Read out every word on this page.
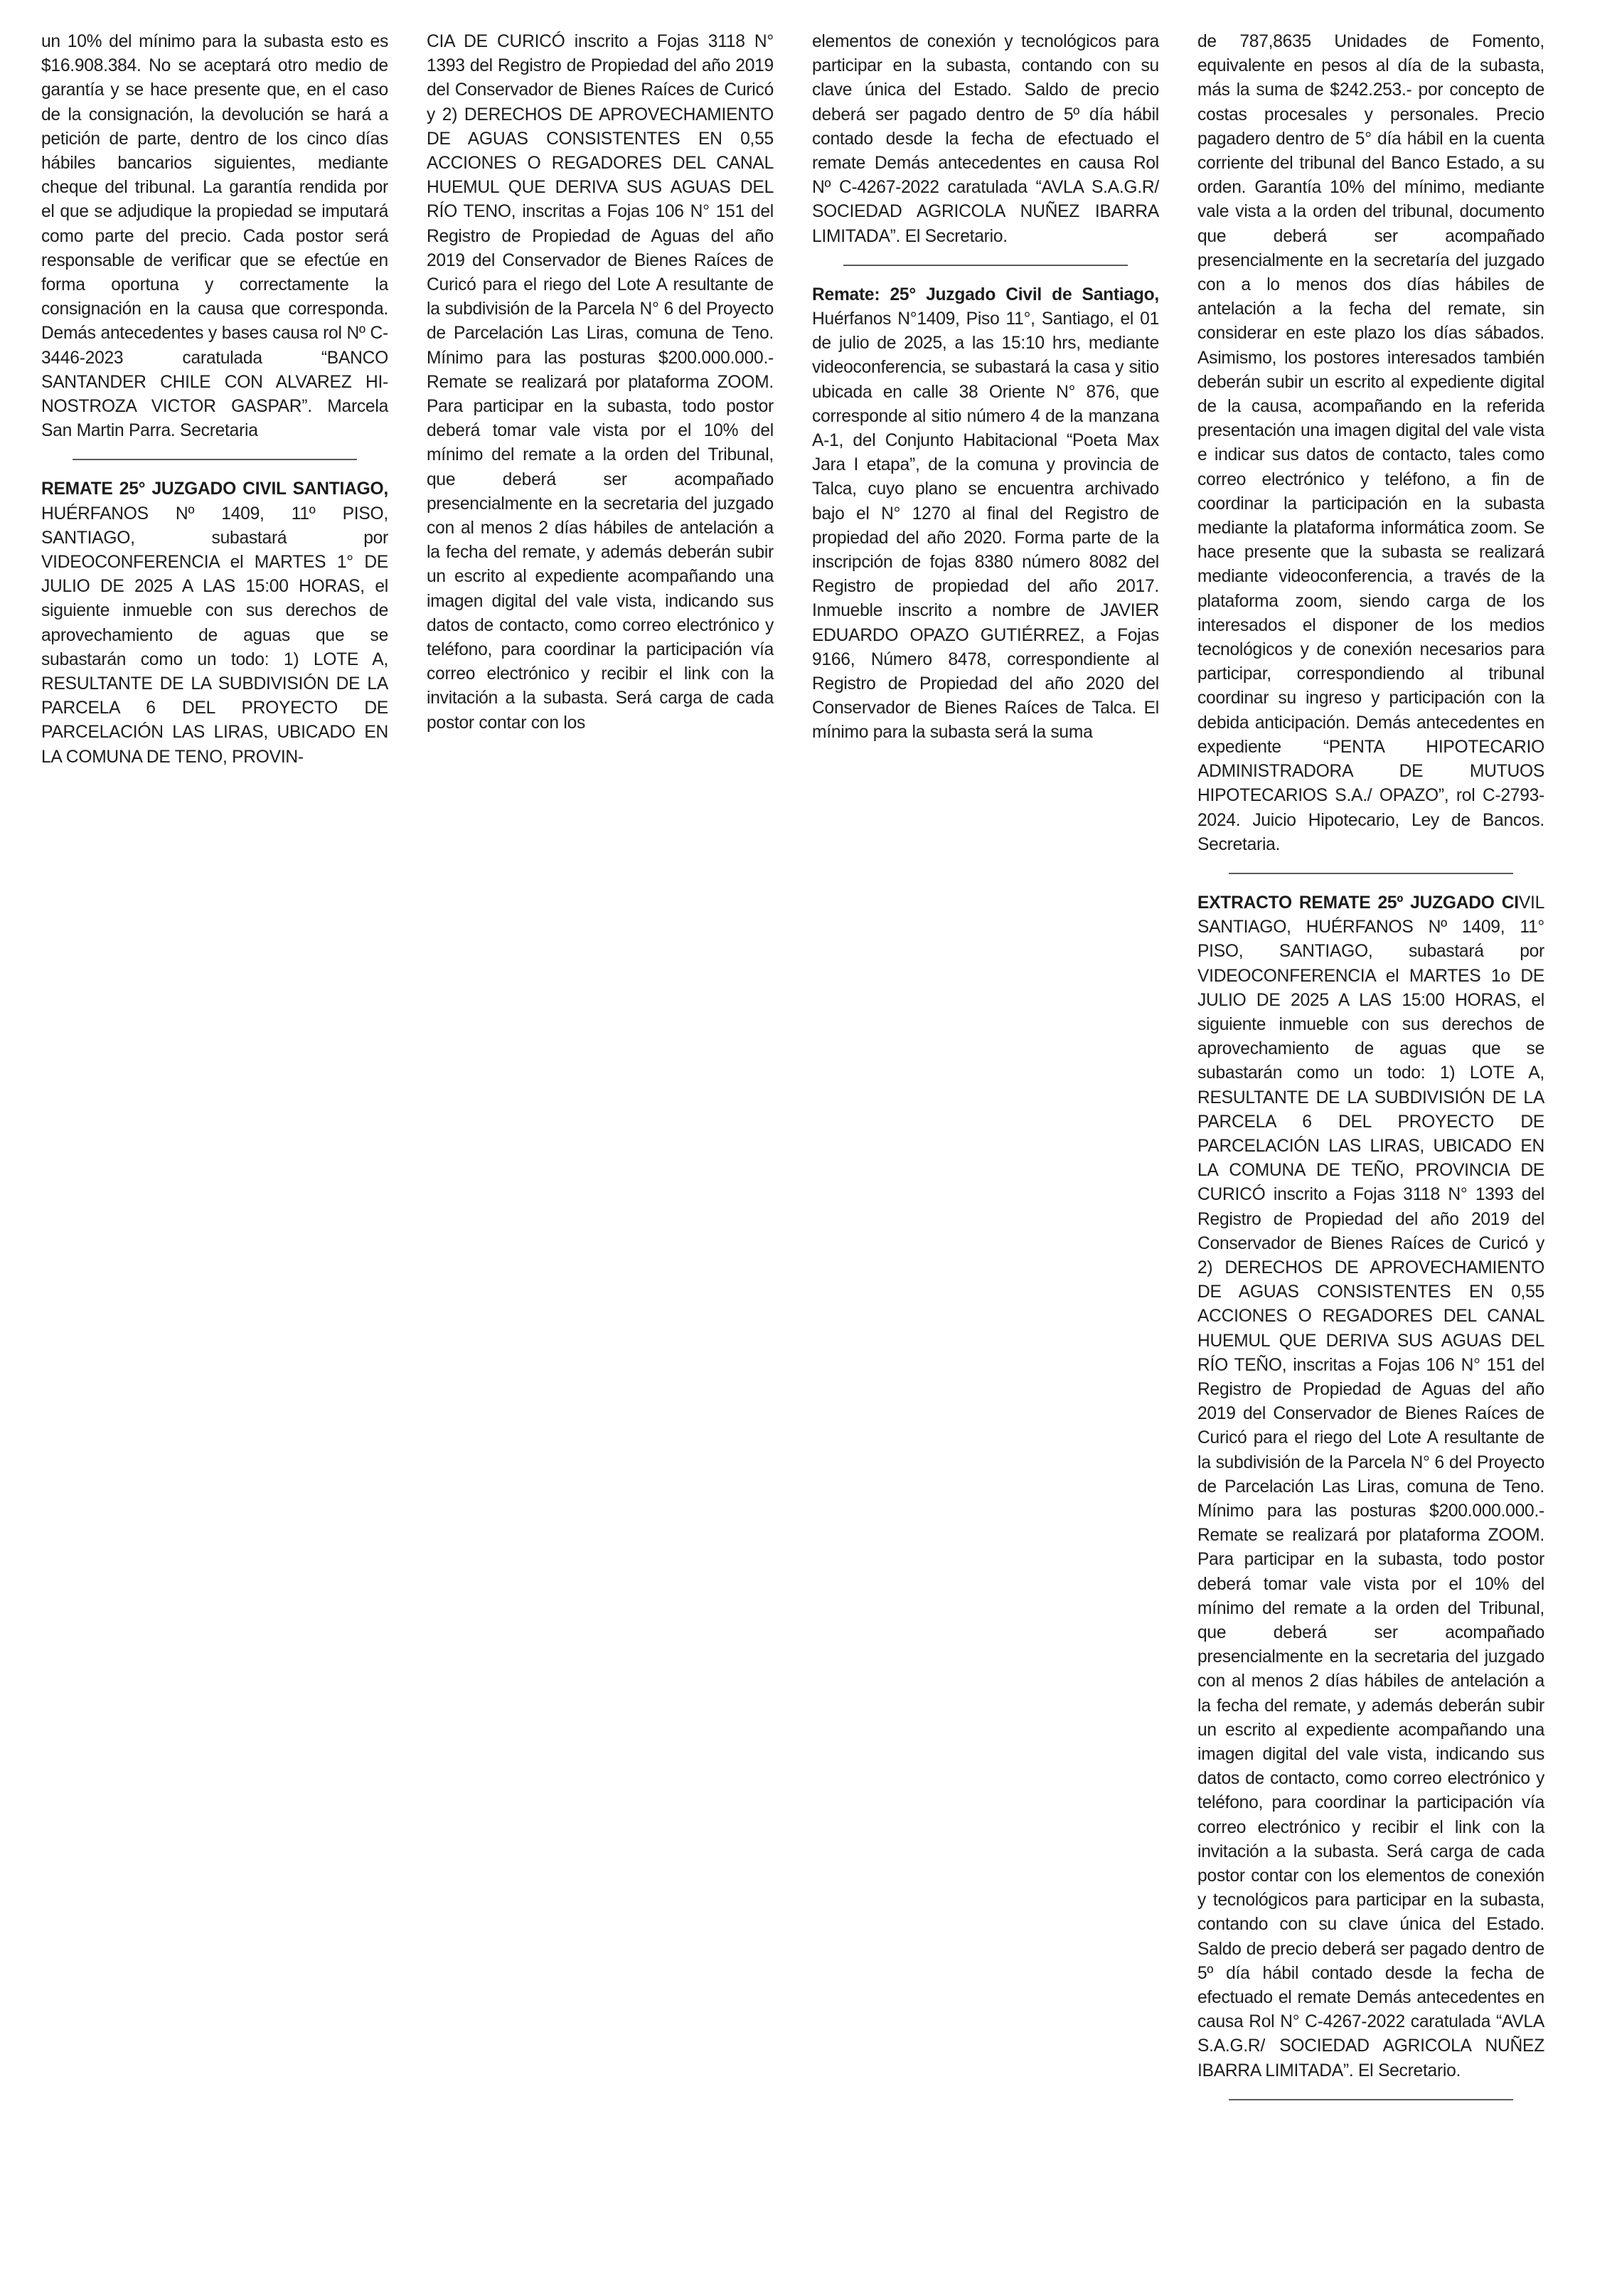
un 10% del mínimo para la subasta esto es $16.908.384. No se aceptará otro medio de garantía y se hace presente que, en el caso de la consignación, la devolución se hará a petición de parte, dentro de los cinco días hábiles bancarios siguientes, mediante cheque del tribunal. La garantía rendida por el que se adjudique la propiedad se imputará como parte del precio. Cada postor será responsable de verificar que se efectúe en forma oportuna y correctamente la consignación en la causa que corresponda. Demás antecedentes y bases causa rol Nº C-3446-2023 caratulada “BANCO SANTANDER CHILE CON ALVAREZ HI-NOSTROZA VICTOR GASPAR”. Marcela San Martin Parra. Secretaria

REMATE 25° JUZGADO CIVIL SANTIAGO, HUÉRFANOS Nº 1409, 11º PISO, SANTIAGO, subastará por VIDEOCONFERENCIA el MARTES 1° DE JULIO DE 2025 A LAS 15:00 HORAS, el siguiente inmueble con sus derechos de aprovechamiento de aguas que se subastarán como un todo: 1) LOTE A, RESULTANTE DE LA SUBDIVISIÓN DE LA PARCELA 6 DEL PROYECTO DE PARCELACIÓN LAS LIRAS, UBICADO EN LA COMUNA DE TENO, PROVIN-

CIA DE CURICÓ inscrito a Fojas 3118 N° 1393 del Registro de Propiedad del año 2019 del Conservador de Bienes Raíces de Curicó y 2) DERECHOS DE APROVECHAMIENTO DE AGUAS CONSISTENTES EN 0,55 ACCIONES O REGADORES DEL CANAL HUEMUL QUE DERIVA SUS AGUAS DEL RÍO TENO, inscritas a Fojas 106 N° 151 del Registro de Propiedad de Aguas del año 2019 del Conservador de Bienes Raíces de Curicó para el riego del Lote A resultante de la subdivisión de la Parcela N° 6 del Proyecto de Parcelación Las Liras, comuna de Teno. Mínimo para las posturas $200.000.000.- Remate se realizará por plataforma ZOOM. Para participar en la subasta, todo postor deberá tomar vale vista por el 10% del mínimo del remate a la orden del Tribunal, que deberá ser acompañado presencialmente en la secretaria del juzgado con al menos 2 días hábiles de antelación a la fecha del remate, y además deberán subir un escrito al expediente acompañando una imagen digital del vale vista, indicando sus datos de contacto, como correo electrónico y teléfono, para coordinar la participación vía correo electrónico y recibir el link con la invitación a la subasta. Será carga de cada postor contar con los

elementos de conexión y tecnológicos para participar en la subasta, contando con su clave única del Estado. Saldo de precio deberá ser pagado dentro de 5º día hábil contado desde la fecha de efectuado el remate Demás antecedentes en causa Rol Nº C-4267-2022 caratulada “AVLA S.A.G.R/ SOCIEDAD AGRICOLA NUÑEZ IBARRA LIMITADA”. El Secretario.

Remate: 25° Juzgado Civil de Santiago, Huérfanos N°1409, Piso 11°, Santiago, el 01 de julio de 2025, a las 15:10 hrs, mediante videoconferencia, se subastará la casa y sitio ubicada en calle 38 Oriente N° 876, que corresponde al sitio número 4 de la manzana A-1, del Conjunto Habitacional “Poeta Max Jara I etapa”, de la comuna y provincia de Talca, cuyo plano se encuentra archivado bajo el N° 1270 al final del Registro de propiedad del año 2020. Forma parte de la inscripción de fojas 8380 número 8082 del Registro de propiedad del año 2017. Inmueble inscrito a nombre de JAVIER EDUARDO OPAZO GUTIÉRREZ, a Fojas 9166, Número 8478, correspondiente al Registro de Propiedad del año 2020 del Conservador de Bienes Raíces de Talca. El mínimo para la subasta será la suma

de 787,8635 Unidades de Fomento, equivalente en pesos al día de la subasta, más la suma de $242.253.- por concepto de costas procesales y personales. Precio pagadero dentro de 5° día hábil en la cuenta corriente del tribunal del Banco Estado, a su orden. Garantía 10% del mínimo, mediante vale vista a la orden del tribunal, documento que deberá ser acompañado presencialmente en la secretaría del juzgado con a lo menos dos días hábiles de antelación a la fecha del remate, sin considerar en este plazo los días sábados. Asimismo, los postores interesados también deberán subir un escrito al expediente digital de la causa, acompañando en la referida presentación una imagen digital del vale vista e indicar sus datos de contacto, tales como correo electrónico y teléfono, a fin de coordinar la participación en la subasta mediante la plataforma informática zoom. Se hace presente que la subasta se realizará mediante videoconferencia, a través de la plataforma zoom, siendo carga de los interesados el disponer de los medios tecnológicos y de conexión necesarios para participar, correspondiendo al tribunal coordinar su ingreso y participación con la debida anticipación. Demás antecedentes en expediente “PENTA HIPOTECARIO ADMINISTRADORA DE MUTUOS HIPOTECARIOS S.A./ OPAZO”, rol C-2793- 2024. Juicio Hipotecario, Ley de Bancos. Secretaria.

EXTRACTO REMATE 25º JUZGADO CIVIL SANTIAGO, HUÉRFANOS Nº 1409, 11° PISO, SANTIAGO, subastará por VIDEOCONFERENCIA el MARTES 1o DE JULIO DE 2025 A LAS 15:00 HORAS, el siguiente inmueble con sus derechos de aprovechamiento de aguas que se subastarán como un todo: 1) LOTE A, RESULTANTE DE LA SUBDIVISIÓN DE LA PARCELA 6 DEL PROYECTO DE PARCELACIÓN LAS LIRAS, UBICADO EN LA COMUNA DE TEÑO, PROVINCIA DE CURICÓ inscrito a Fojas 3118 N° 1393 del Registro de Propiedad del año 2019 del Conservador de Bienes Raíces de Curicó y 2) DERECHOS DE APROVECHAMIENTO DE AGUAS CONSISTENTES EN 0,55 ACCIONES O REGADORES DEL CANAL HUEMUL QUE DERIVA SUS AGUAS DEL RÍO TEÑO, inscritas a Fojas 106 N° 151 del Registro de Propiedad de Aguas del año 2019 del Conservador de Bienes Raíces de Curicó para el riego del Lote A resultante de la subdivisión de la Parcela N° 6 del Proyecto de Parcelación Las Liras, comuna de Teno. Mínimo para las posturas $200.000.000.- Remate se realizará por plataforma ZOOM. Para participar en la subasta, todo postor deberá tomar vale vista por el 10% del mínimo del remate a la orden del Tribunal, que deberá ser acompañado presencialmente en la secretaria del juzgado con al menos 2 días hábiles de antelación a la fecha del remate, y además deberán subir un escrito al expediente acompañando una imagen digital del vale vista, indicando sus datos de contacto, como correo electrónico y teléfono, para coordinar la participación vía correo electrónico y recibir el link con la invitación a la subasta. Será carga de cada postor contar con los elementos de conexión y tecnológicos para participar en la subasta, contando con su clave única del Estado. Saldo de precio deberá ser pagado dentro de 5º día hábil contado desde la fecha de efectuado el remate Demás antecedentes en causa Rol N° C-4267-2022 caratulada “AVLA S.A.G.R/ SOCIEDAD AGRICOLA NUÑEZ IBARRA LIMITADA”. El Secretario.
